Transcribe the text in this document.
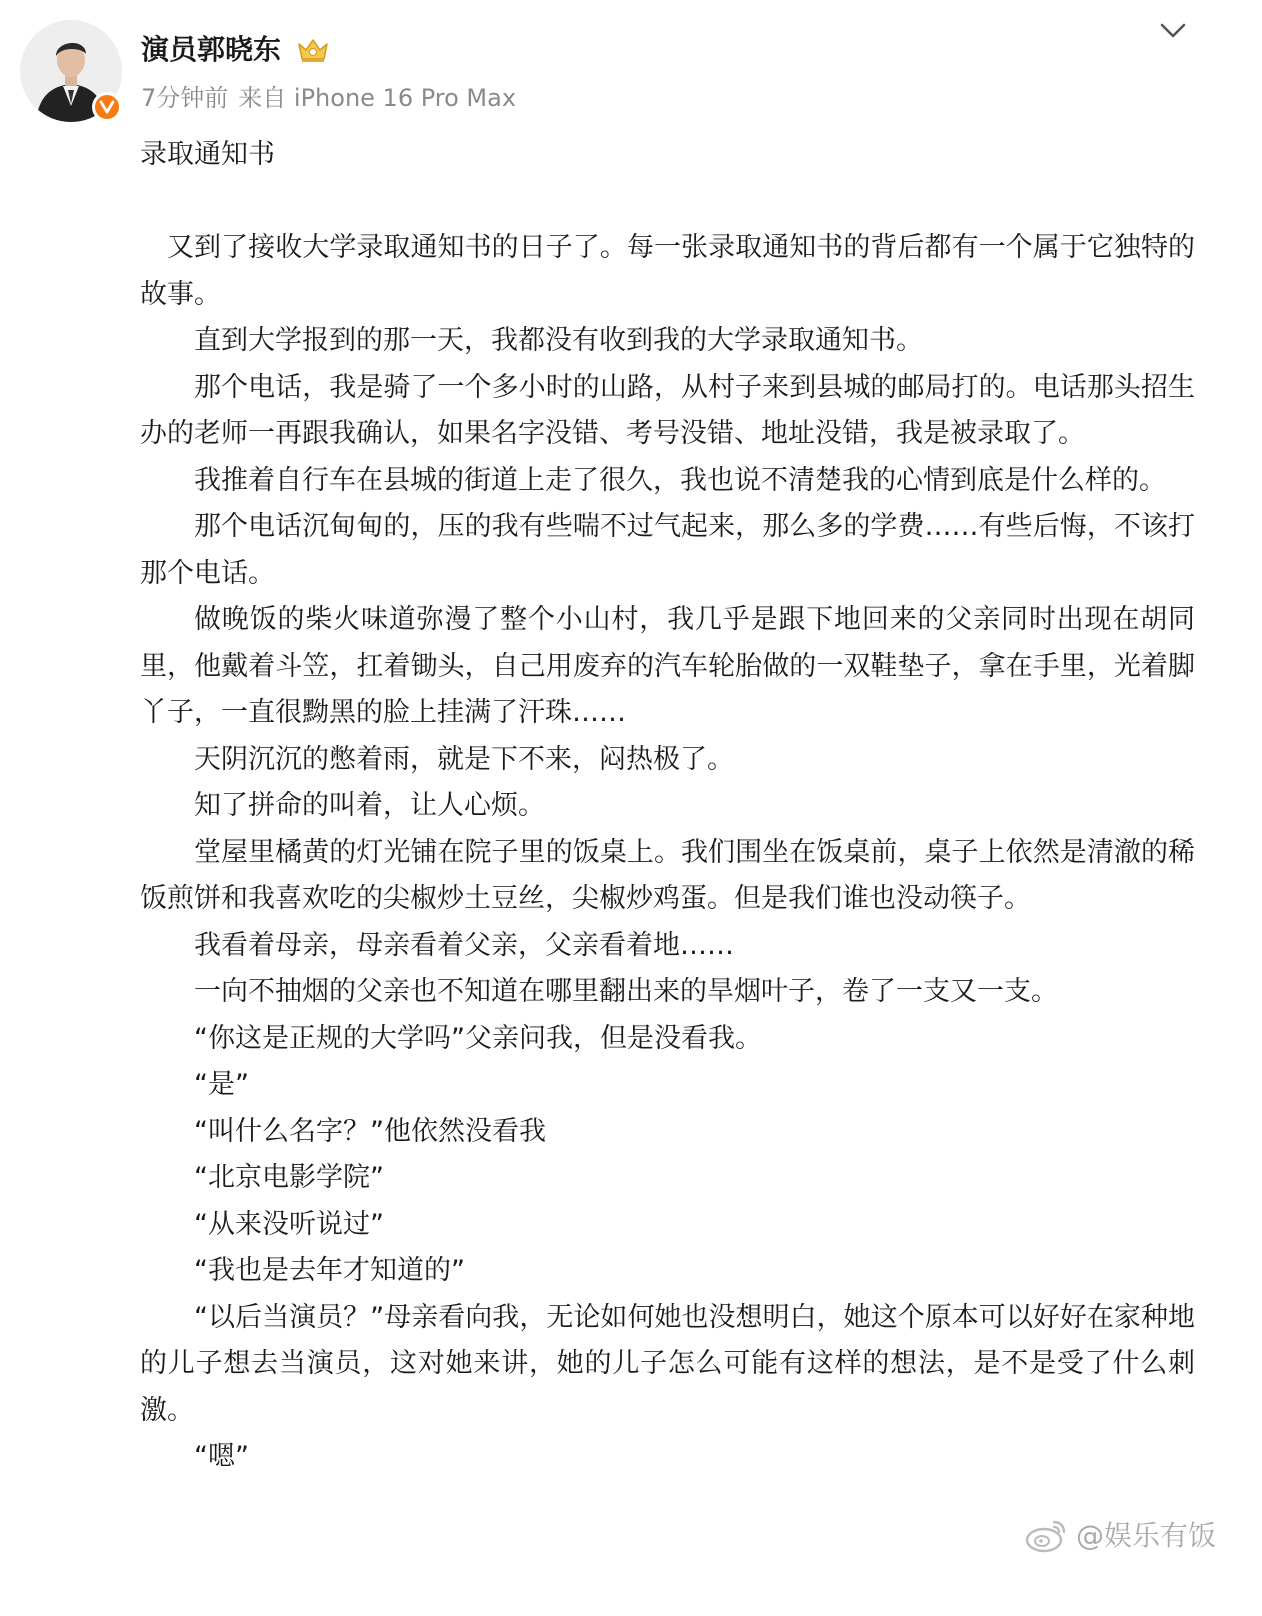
演员郭晓东
7分钟前 来自 iPhone 16 Pro Max
录取通知书

又到了接收大学录取通知书的日子了。每一张录取通知书的背后都有一个属于它独特的故事。

直到大学报到的那一天，我都没有收到我的大学录取通知书。

那个电话，我是骑了一个多小时的山路，从村子来到县城的邮局打的。电话那头招生办的老师一再跟我确认，如果名字没错、考号没错、地址没错，我是被录取了。

我推着自行车在县城的街道上走了很久，我也说不清楚我的心情到底是什么样的。

那个电话沉甸甸的，压的我有些喘不过气起来，那么多的学费……有些后悔，不该打那个电话。

做晚饭的柴火味道弥漫了整个小山村，我几乎是跟下地回来的父亲同时出现在胡同里，他戴着斗笠，扛着锄头，自己用废弃的汽车轮胎做的一双鞋垫子，拿在手里，光着脚丫子，一直很黝黑的脸上挂满了汗珠……

天阴沉沉的憋着雨，就是下不来，闷热极了。

知了拼命的叫着，让人心烦。

堂屋里橘黄的灯光铺在院子里的饭桌上。我们围坐在饭桌前，桌子上依然是清澈的稀饭煎饼和我喜欢吃的尖椒炒土豆丝，尖椒炒鸡蛋。但是我们谁也没动筷子。

我看着母亲，母亲看着父亲，父亲看着地……

一向不抽烟的父亲也不知道在哪里翻出来的旱烟叶子，卷了一支又一支。

“你这是正规的大学吗”父亲问我，但是没看我。

“是”

“叫什么名字？”他依然没看我

“北京电影学院”

“从来没听说过”

“我也是去年才知道的”

“以后当演员？”母亲看向我，无论如何她也没想明白，她这个原本可以好好在家种地的儿子想去当演员，这对她来讲，她的儿子怎么可能有这样的想法，是不是受了什么刺激。

“嗯”

@娱乐有饭
